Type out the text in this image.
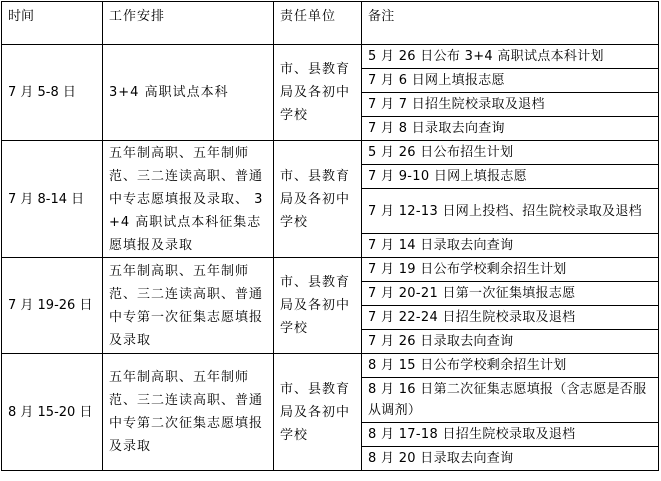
时间	工作安排	责任单位	备注
7 月 5-8 日	3+4 高职试点本科	市、县教育局及各初中学校	5 月 26 日公布 3+4 高职试点本科计划
			7 月 6 日网上填报志愿
			7 月 7 日招生院校录取及退档
			7 月 8 日录取去向查询
7 月 8-14 日	五年制高职、五年制师范、三二连读高职、普通中专志愿填报及录取、 3+4 高职试点本科征集志愿填报及录取	市、县教育局及各初中学校	5 月 26 日公布招生计划
			7 月 9-10 日网上填报志愿
			7 月 12-13 日网上投档、招生院校录取及退档
			7 月 14 日录取去向查询
7 月 19-26 日	五年制高职、五年制师范、三二连读高职、普通中专第一次征集志愿填报及录取	市、县教育局及各初中学校	7 月 19 日公布学校剩余招生计划
			7 月 20-21 日第一次征集填报志愿
			7 月 22-24 日招生院校录取及退档
			7 月 26 日录取去向查询
8 月 15-20 日	五年制高职、五年制师范、三二连读高职、普通中专第二次征集志愿填报及录取	市、县教育局及各初中学校	8 月 15 日公布学校剩余招生计划
			8 月 16 日第二次征集志愿填报（含志愿是否服从调剂）
			8 月 17-18 日招生院校录取及退档
			8 月 20 日录取去向查询
